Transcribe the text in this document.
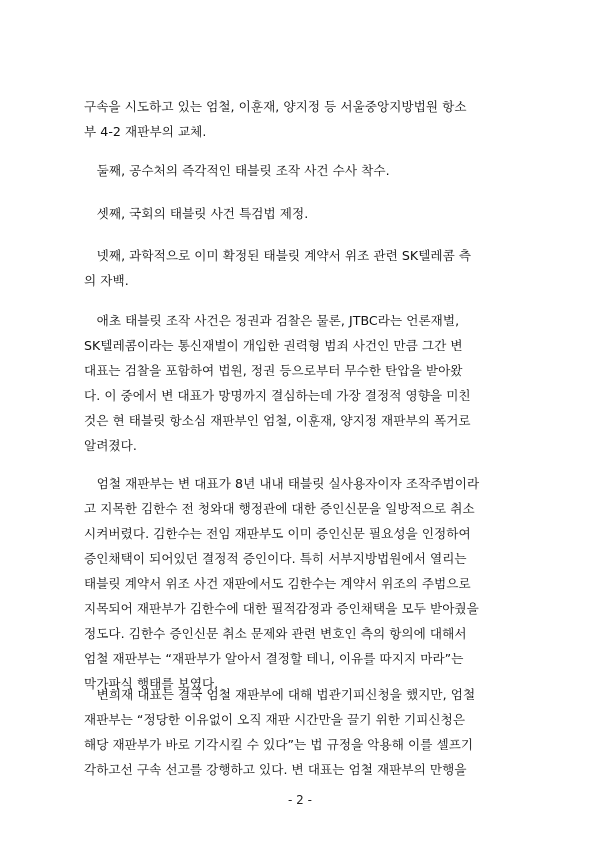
구속을 시도하고 있는 엄철, 이훈재, 양지정 등 서울중앙지방법원 항소
부 4-2 재판부의 교체.
　둘째, 공수처의 즉각적인 태블릿 조작 사건 수사 착수.
　셋째, 국회의 태블릿 사건 특검법 제정.
　넷째, 과학적으로 이미 확정된 태블릿 계약서 위조 관련 SK텔레콤 측
의 자백.
　애초 태블릿 조작 사건은 정권과 검찰은 물론, JTBC라는 언론재벌,
SK텔레콤이라는 통신재벌이 개입한 권력형 범죄 사건인 만큼 그간 변
대표는 검찰을 포함하여 법원, 정권 등으로부터 무수한 탄압을 받아왔
다. 이 중에서 변 대표가 망명까지 결심하는데 가장 결정적 영향을 미친
것은 현 태블릿 항소심 재판부인 엄철, 이훈재, 양지정 재판부의 폭거로
알려졌다.
　엄철 재판부는 변 대표가 8년 내내 태블릿 실사용자이자 조작주범이라
고 지목한 김한수 전 청와대 행정관에 대한 증인신문을 일방적으로 취소
시켜버렸다. 김한수는 전임 재판부도 이미 증인신문 필요성을 인정하여
증인채택이 되어있던 결정적 증인이다. 특히 서부지방법원에서 열리는
태블릿 계약서 위조 사건 재판에서도 김한수는 계약서 위조의 주범으로
지목되어 재판부가 김한수에 대한 필적감정과 증인채택을 모두 받아줬을
정도다. 김한수 증인신문 취소 문제와 관련 변호인 측의 항의에 대해서
엄철 재판부는 “재판부가 알아서 결정할 테니, 이유를 따지지 마라”는
막가파식 행태를 보였다.
　변희재 대표는 결국 엄철 재판부에 대해 법관기피신청을 했지만, 엄철
재판부는 “정당한 이유없이 오직 재판 시간만을 끌기 위한 기피신청은
해당 재판부가 바로 기각시킬 수 있다”는 법 규정을 악용해 이를 셀프기
각하고선 구속 선고를 강행하고 있다. 변 대표는 엄철 재판부의 만행을
- 2 -
